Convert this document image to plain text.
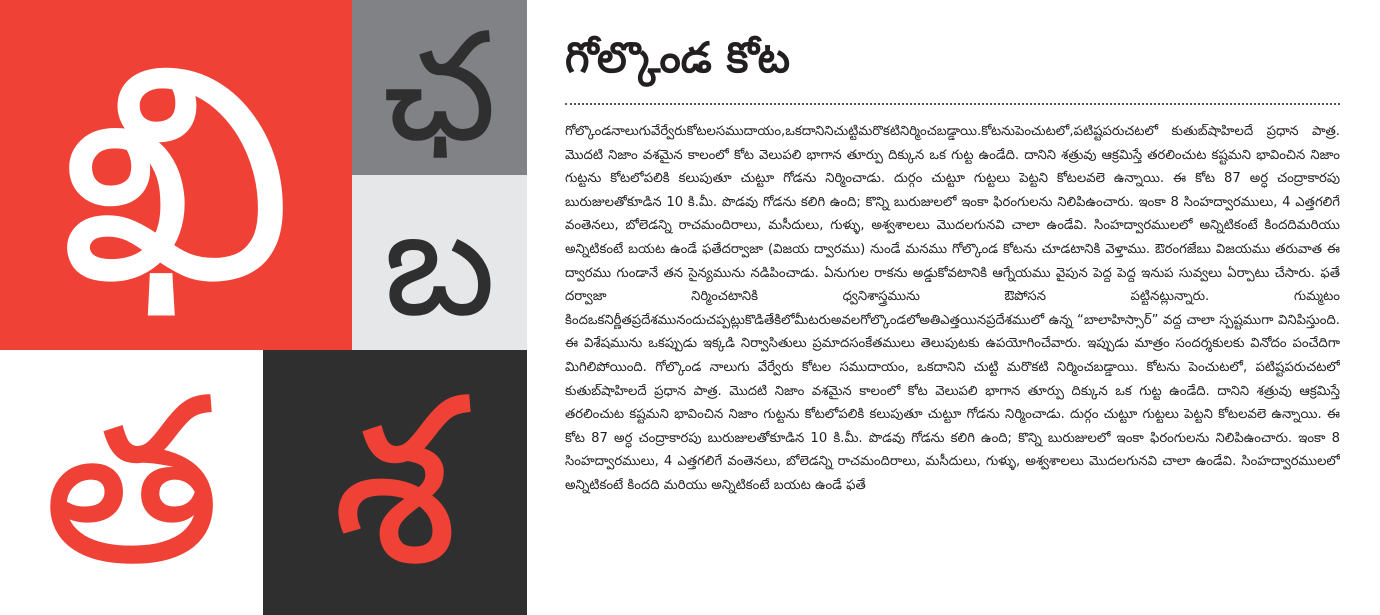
ఖి ఛ
బ
త శ
గోల్కొండ కోట

గోల్కొండనాలుగువేర్వేరుకోటలసముదాయం,ఒకదానినిచుట్టిమరొకటినిర్మించబడ్డాయి.కోటనుపెంచుటలో,పటిష్టపరుచటలో కుతుబ్‌షాహిలదే ప్రధాన పాత్ర. మొదటి నిజాం వశమైన కాలంలో కోట వెలుపలి భాగాన తూర్పు దిక్కున ఒక గుట్ట ఉండేది. దానిని శత్రువు ఆక్రమిస్తే తరలించుట కష్టమని భావించిన నిజాం గుట్టను కోటలోపలికి కలుపుతూ చుట్టూ గోడను నిర్మించాడు. దుర్గం చుట్టూ గుట్టలు పెట్టని కోటలవలె ఉన్నాయి. ఈ కోట 87 అర్ధ చంద్రాకారపు బురుజులతోకూడిన 10 కి.మీ. పొడవు గోడను కలిగి ఉంది; కొన్ని బురుజులలో ఇంకా ఫిరంగులను నిలిపిఉంచారు. ఇంకా 8 సింహద్వారములు, 4 ఎత్తగలిగే వంతెనలు, బోలెడన్ని రాచమందిరాలు, మసీదులు, గుళ్ళు, అశ్వశాలలు మొదలగునవి చాలా ఉండేవి. సింహద్వారములలో అన్నిటికంటే కిందదిమరియు అన్నిటికంటే బయట ఉండే ఫతేదర్వాజా (విజయ ద్వారము) నుండే మనము గోల్కొండ కోటను చూడటానికి వెళ్తాము. ఔరంగజేబు విజయము తరువాత ఈ ద్వారము గుండానే తన సైన్యమును నడిపించాడు. ఏనుగుల రాకను అడ్డుకోవటానికి ఆగ్నేయము వైపున పెద్ద పెద్ద ఇనుప సువ్వలు ఏర్పాటు చేసారు. ఫతే దర్వాజా నిర్మించటానికి ధ్వనిశాస్త్రమును ఔపోసన పట్టినట్లున్నారు. గుమ్మటం కిందఒకనిర్ణీతప్రదేశమునందుచప్పట్లుకొడితేకిలోమీటరుఅవలగోల్కొండలోఅతిఎత్తయినప్రదేశములో ఉన్న “బాలాహిస్సార్” వద్ద చాలా స్పష్టముగా వినిపిస్తుంది. ఈ విశేషమును ఒకప్పుడు ఇక్కడి నిర్వాసితులు ప్రమాదసంకేతములు తెలుపుటకు ఉపయోగించేవారు. ఇప్పుడు మాత్రం సందర్శకులకు వినోదం పంచేదిగా మిగిలిపోయింది. గోల్కొండ నాలుగు వేర్వేరు కోటల సముదాయం, ఒకదానిని చుట్టి మరొకటి నిర్మించబడ్డాయి. కోటను పెంచుటలో, పటిష్టపరుచటలో కుతుబ్‌షాహిలదే ప్రధాన పాత్ర. మొదటి నిజాం వశమైన కాలంలో కోట వెలుపలి భాగాన తూర్పు దిక్కున ఒక గుట్ట ఉండేది. దానిని శత్రువు ఆక్రమిస్తే తరలించుట కష్టమని భావించిన నిజాం గుట్టను కోటలోపలికి కలుపుతూ చుట్టూ గోడను నిర్మించాడు. దుర్గం చుట్టూ గుట్టలు పెట్టని కోటలవలె ఉన్నాయి. ఈ కోట 87 అర్ధ చంద్రాకారపు బురుజులతోకూడిన 10 కి.మీ. పొడవు గోడను కలిగి ఉంది; కొన్ని బురుజులలో ఇంకా ఫిరంగులను నిలిపిఉంచారు. ఇంకా 8 సింహద్వారములు, 4 ఎత్తగలిగే వంతెనలు, బోలెడన్ని రాచమందిరాలు, మసీదులు, గుళ్ళు, అశ్వశాలలు మొదలగునవి చాలా ఉండేవి. సింహద్వారములలో అన్నిటికంటే కిందది మరియు అన్నిటికంటే బయట ఉండే ఫతే
